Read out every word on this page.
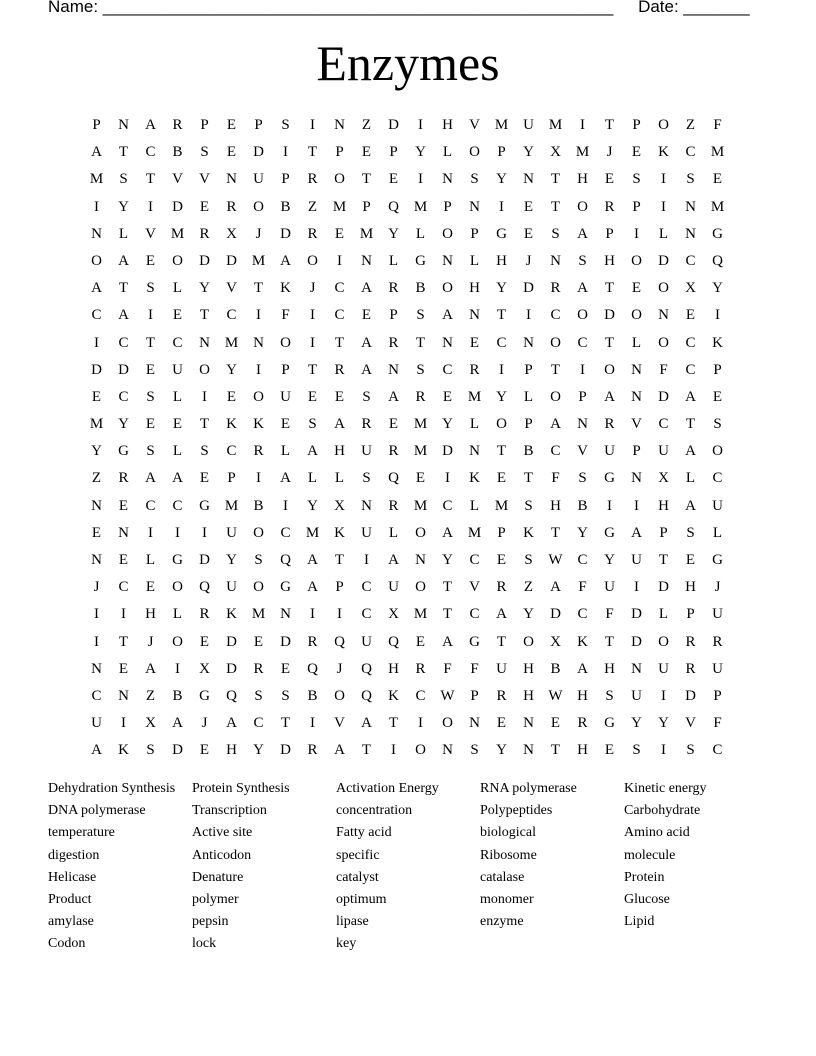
Name: ______________________________________________________ Date: _______
Enzymes
P	N	A	R	P	E	P	S	I	N	Z	D	I	H	V M U M	I	T	P	O	Z	F
A	T	C	B	S	E	D	I	T	P	E	P	Y	L	O	P	Y	X M	J	E	K	C	M
M	S	T	V	V	N	U	P	R	O	T	E	I	N	S	Y	N	T	H	E	S	I	S	E
I	Y	I	D	E	R	O	B	Z	M	P	Q M	P	N	I	E	T	O	R	P	I	N M
N	L	V M	R	X	J	D	R	E	M Y	L	O	P	G	E	S	A	P	I	L	N	G
O	A	E	O	D	D M A	O	I	N	L	G	N	L	H	J	N	S	H	O	D	C	Q
A	T	S	L	Y	V	T	K	J	C	A	R	B	O	H	Y	D	R	A	T	E	O	X	Y
C	A	I	E	T	C	I	F	I	C	E	P	S	A	N	T	I	C	O	D	O	N	E	I
I	C	T	C	N M N	O	I	T	A	R	T	N	E	C	N	O	C	T	L	O	C	K
D	D	E	U	O	Y	I	P	T	R	A	N	S	C	R	I	P	T	I	O	N	F	C	P
E	C	S	L	I	E	O	U	E	E	S	A	R	E	M Y	L	O	P	A	N	D	A	E
M Y	E	E	T	K	K	E	S	A	R	E	M Y	L	O	P	A	N	R	V	C	T	S
Y	G	S	L	S	C	R	L	A	H	U	R	M D	N	T	B	C	V	U	P	U	A	O
Z	R	A	A	E	P	I	A	L	L	S	Q	E	I	K	E	T	F	S	G	N	X	L	C
N	E	C	C	G M	B	I	Y	X	N	R	M	C	L	M	S	H	B	I	I	H	A	U
E	N	I	I	I	U	O	C	M K	U	L	O	A M	P	K	T	Y	G	A	P	S	L
N	E	L	G	D	Y	S	Q	A	T	I	A	N	Y	C	E	S	W C	Y	U	T	E	G
J	C	E	O	Q	U	O	G	A	P	C	U	O	T	V	R	Z	A	F	U	I	D	H	J
I	I	H	L	R	K M N	I	I	C	X M	T	C	A	Y	D	C	F	D	L	P	U
I	T	J	O	E	D	E	D	R	Q	U	Q	E	A	G	T	O	X	K	T	D	O	R	R
N	E	A	I	X	D	R	E	Q	J	Q	H	R	F	F	U	H	B	A	H	N	U	R	U
C	N	Z	B	G	Q	S	S	B	O	Q	K	C W	P	R	H W H	S	U	I	D	P
U	I	X	A	J	A	C	T	I	V	A	T	I	O	N	E	N	E	R	G	Y	Y	V	F
A	K	S	D	E	H	Y	D	R	A	T	I	O	N	S	Y	N	T	H	E	S	I	S	C
Dehydration Synthesis	Protein Synthesis	Activation Energy	RNA polymerase	Kinetic energy
DNA polymerase	Transcription	concentration	Polypeptides	Carbohydrate
temperature	Active site	Fatty acid	biological	Amino acid
digestion	Anticodon	specific	Ribosome	molecule
Helicase	Denature	catalyst	catalase	Protein
Product	polymer	optimum	monomer	Glucose
amylase	pepsin	lipase	enzyme	Lipid
Codon	lock	key
